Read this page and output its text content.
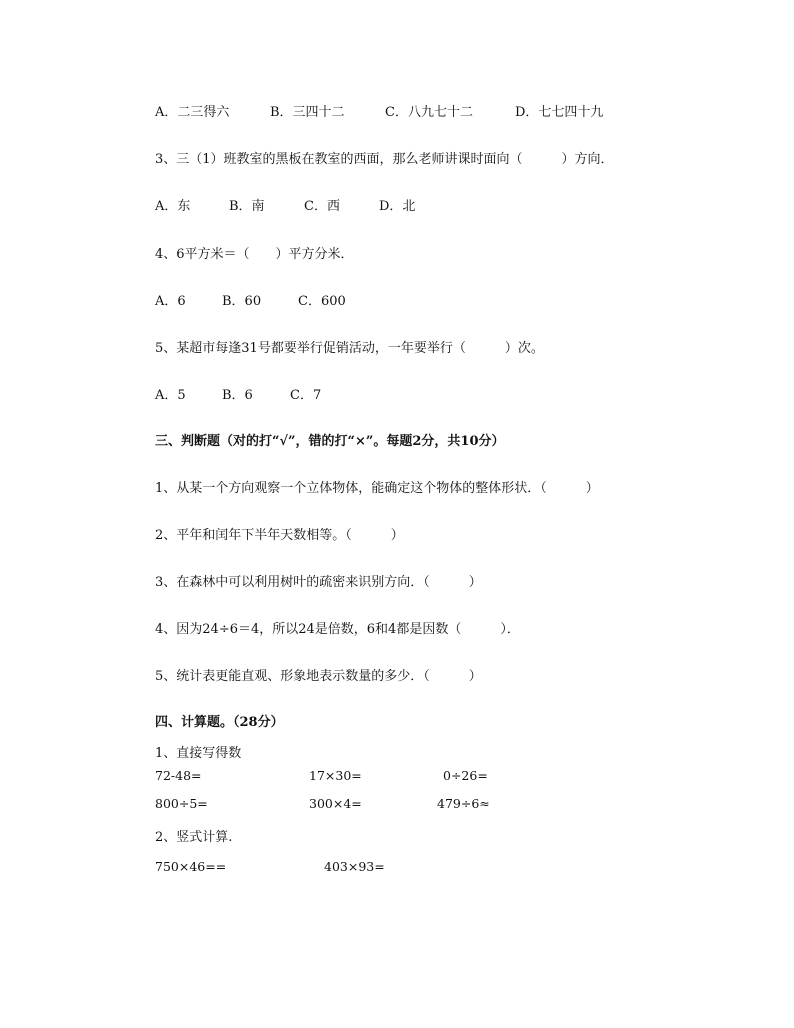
A．二三得六	B．三四十二	C．八九七十二	D．七七四十九
3、三（1）班教室的黑板在教室的西面，那么老师讲课时面向（　　　）方向．
A．东	B．南	C．西	D．北
4、6平方米＝（　　）平方分米．
A．6	B．60	C．600
5、某超市每逢31号都要举行促销活动，一年要举行（　　　）次。
A．5	B．6	C．7
三、判断题（对的打“√”，错的打“×”。每题2分，共10分）
1、从某一个方向观察一个立体物体，能确定这个物体的整体形状．（　　　）
2、平年和闰年下半年天数相等。（　　　）
3、在森林中可以利用树叶的疏密来识别方向．（　　　）
4、因为24÷6＝4，所以24是倍数，6和4都是因数（　　　）．
5、统计表更能直观、形象地表示数量的多少．（　　　）
四、计算题。（28分）
1、直接写得数
72-48=	17×30=	0÷26=
800÷5=	300×4=	479÷6≈
2、竖式计算.
750×46==	403×93=
